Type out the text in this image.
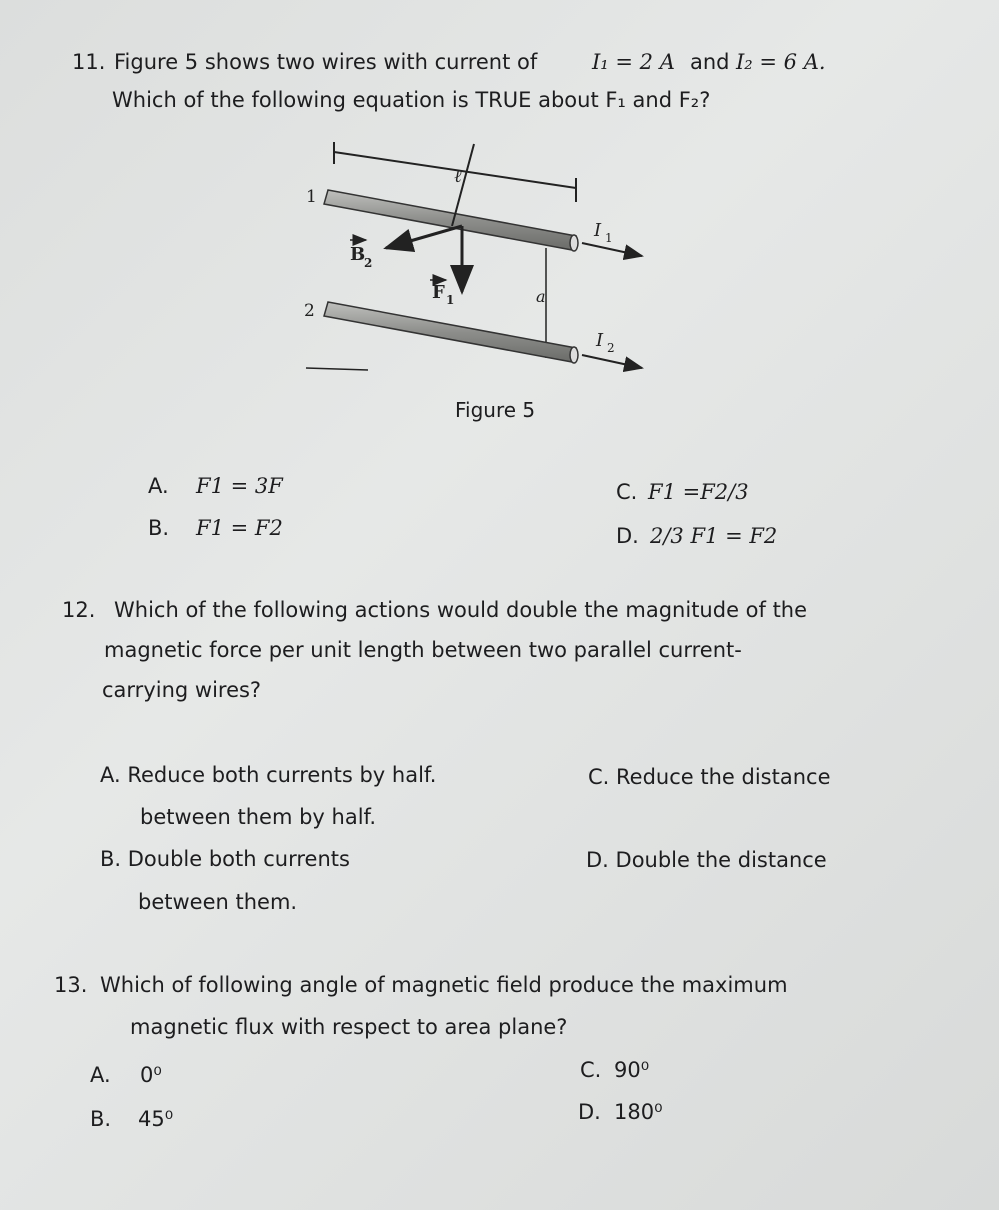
11. Figure 5 shows two wires with current of	I₁ = 2 A and I₂ = 6 A.
Which of the following equation is TRUE about F₁ and F₂?
ℓ
1
I 1
B
2
F 1	a
2
I 2
Figure 5
A. F1 = 3F
B. F1 = F2
C. F1 =F2/3
D. 2/3 F1 = F2
12. Which of the following actions would double the magnitude of the
magnetic force per unit length between two parallel current-
carrying wires?
A. Reduce both currents by half.	C. Reduce the distance
between them by half.
B. Double both currents	D. Double the distance
between them.
13. Which of following angle of magnetic field produce the maximum
magnetic flux with respect to area plane?
A. 0⁰
B. 45⁰
C. 90⁰
D. 180⁰
